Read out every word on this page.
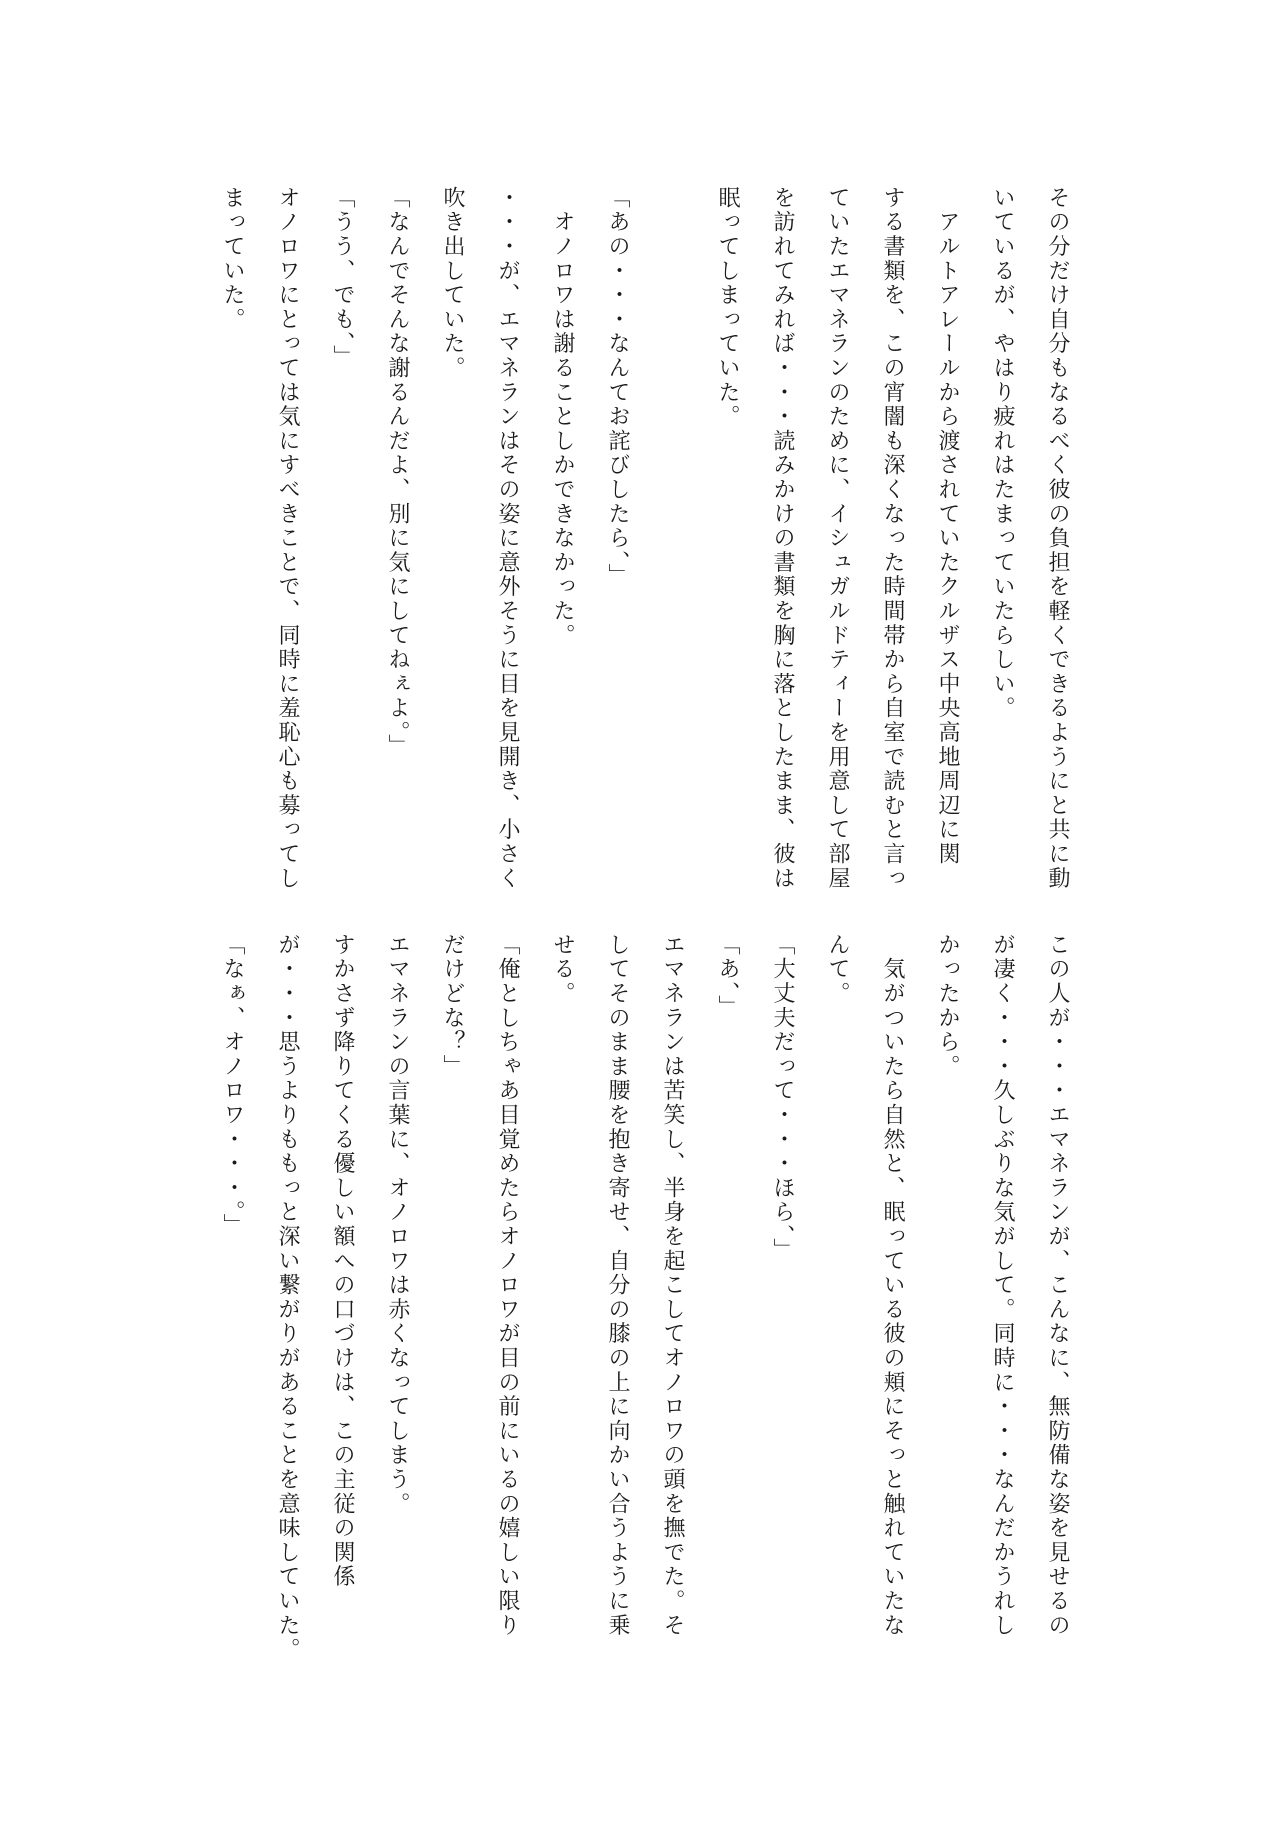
その分だけ自分もなるべく彼の負担を軽くできるようにと共に動
いているが、やはり疲れはたまっていたらしい。
　アルトアレールから渡されていたクルザス中央高地周辺に関
する書類を、この宵闇も深くなった時間帯から自室で読むと言っ
ていたエマネランのために、イシュガルドティーを用意して部屋
を訪れてみれば・・・読みかけの書類を胸に落としたまま、彼は
眠ってしまっていた。
「あの・・・なんてお詫びしたら、」
　オノロワは謝ることしかできなかった。
・・・が、エマネランはその姿に意外そうに目を見開き、小さく
吹き出していた。
「なんでそんな謝るんだよ、別に気にしてねぇよ。」
「うう、でも、」
オノロワにとっては気にすべきことで、同時に羞恥心も募ってし
まっていた。
この人が・・・エマネランが、こんなに、無防備な姿を見せるの
が凄く・・・久しぶりな気がして。同時に・・・なんだかうれし
かったから。
　気がついたら自然と、眠っている彼の頬にそっと触れていたな
んて。
「大丈夫だって・・・ほら、」
「あ、」
エマネランは苦笑し、半身を起こしてオノロワの頭を撫でた。そ
してそのまま腰を抱き寄せ、自分の膝の上に向かい合うように乗
せる。
「俺としちゃあ目覚めたらオノロワが目の前にいるの嬉しい限り
だけどな？」
エマネランの言葉に、オノロワは赤くなってしまう。
すかさず降りてくる優しい額への口づけは、この主従の関係
が・・・思うよりももっと深い繋がりがあることを意味していた。
「なぁ、オノロワ・・・。」
